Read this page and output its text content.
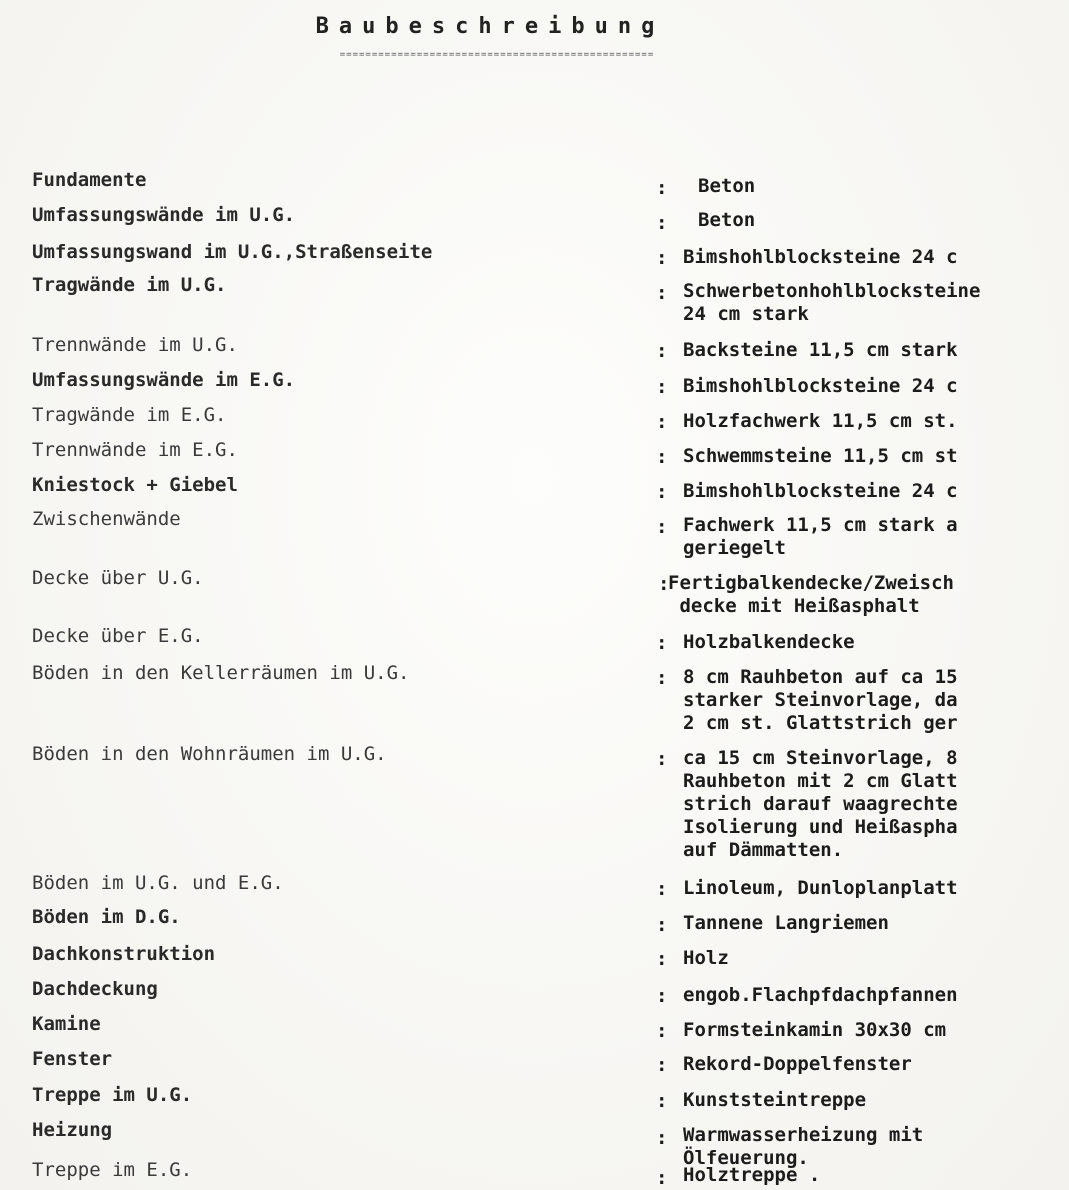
Baubeschreibung
=================================================
Fundamente	: Beton
Umfassungswände im U.G.	: Beton
Umfassungswand im U.G.,Straßenseite	: Bimshohlblocksteine 24 c
Tragwände im U.G.	: Schwerbetonhohlblocksteine
24 cm stark
Trennwände im U.G.	: Backsteine 11,5 cm stark
Umfassungswände im E.G.	: Bimshohlblocksteine 24 c
Tragwände im E.G.	: Holzfachwerk 11,5 cm st.
Trennwände im E.G.	: Schwemmsteine 11,5 cm st
Kniestock + Giebel	: Bimshohlblocksteine 24 c
Zwischenwände	: Fachwerk 11,5 cm stark a
geriegelt
Decke über U.G.	:
Fertigbalkendecke/Zweisch
decke mit Heißasphalt
Decke über E.G.	: Holzbalkendecke
Böden in den Kellerräumen im U.G.	: 8 cm Rauhbeton auf ca 15
starker Steinvorlage, da
2 cm st. Glattstrich ger
Böden in den Wohnräumen im U.G.	: ca 15 cm Steinvorlage, 8
Rauhbeton mit 2 cm Glatt
strich darauf waagrechte
Isolierung und Heißaspha
auf Dämmatten.
Böden im U.G. und E.G.	: Linoleum, Dunloplanplatt
Böden im D.G.	: Tannene Langriemen
Dachkonstruktion	: Holz
Dachdeckung	: engob.Flachpfdachpfannen
Kamine	: Formsteinkamin 30x30 cm
Fenster	: Rekord-Doppelfenster
Treppe im U.G.	: Kunststeintreppe
Heizung	: Warmwasserheizung mit
Ölfeuerung.
Treppe im E.G.	: Holztreppe .
